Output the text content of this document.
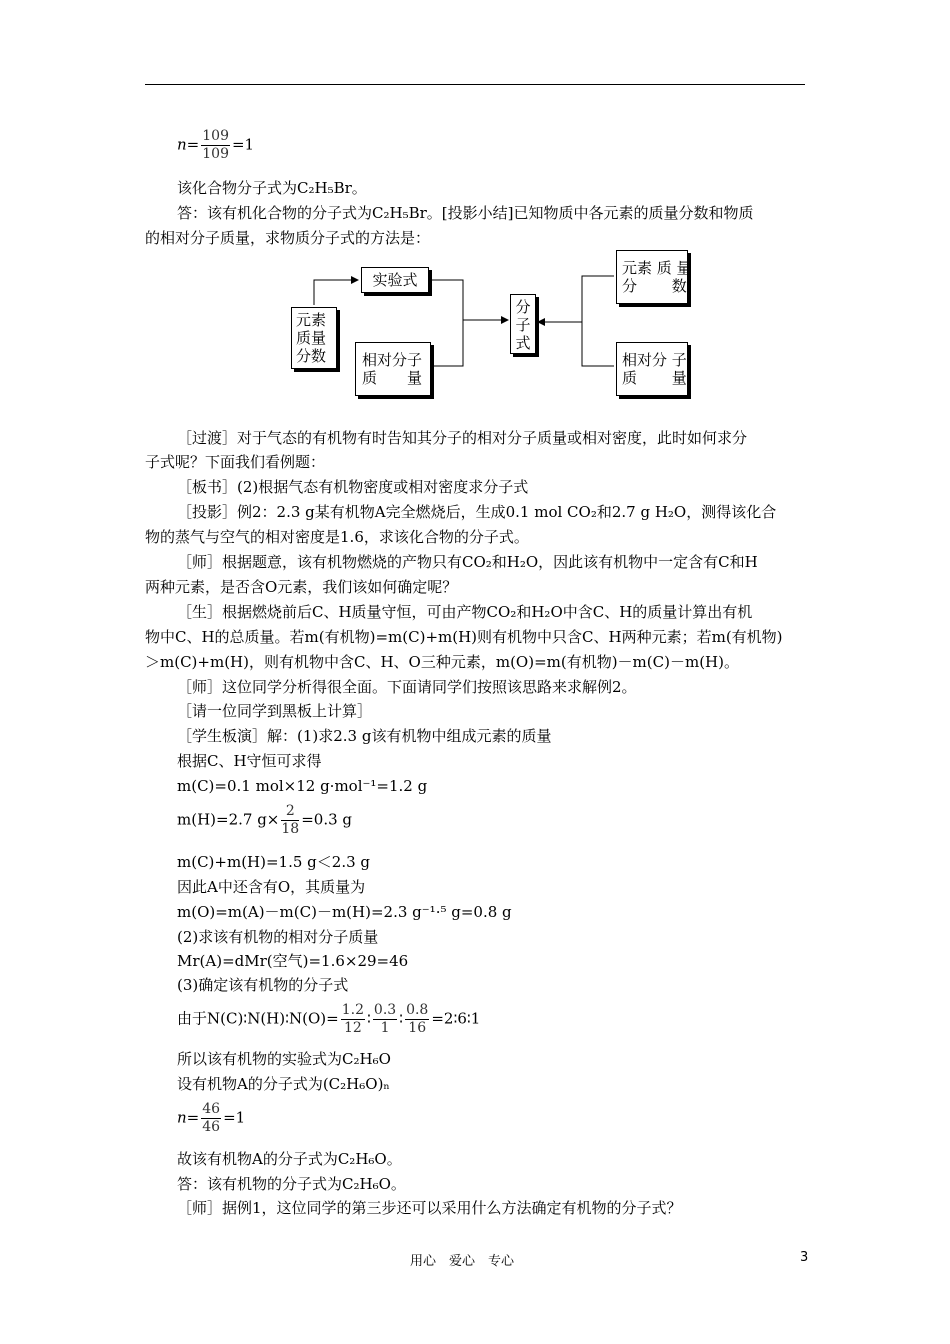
$n= \frac{109}{109} =1$
该化合物分子式为C₂H₅Br。
答：该有机化合物的分子式为C₂H₅Br。[投影小结]已知物质中各元素的质量分数和物质
的相对分子质量，求物质分子式的方法是：
实验式
元素
质量
分数	相对分子
质　　量
分
子
式
元素 质 量
分　　 数
相对分 子
质　　 量
［过渡］对于气态的有机物有时告知其分子的相对分子质量或相对密度，此时如何求分
子式呢？下面我们看例题：
［板书］(2)根据气态有机物密度或相对密度求分子式
［投影］例2：2.3 g某有机物A完全燃烧后，生成0.1 mol CO₂和2.7 g H₂O，测得该化合
物的蒸气与空气的相对密度是1.6，求该化合物的分子式。
［师］根据题意，该有机物燃烧的产物只有CO₂和H₂O，因此该有机物中一定含有C和H
两种元素，是否含O元素，我们该如何确定呢？
［生］根据燃烧前后C、H质量守恒，可由产物CO₂和H₂O中含C、H的质量计算出有机
物中C、H的总质量。若m(有机物)=m(C)+m(H)则有机物中只含C、H两种元素；若m(有机物)
＞m(C)+m(H)，则有机物中含C、H、O三种元素，m(O)=m(有机物)－m(C)－m(H)。
［师］这位同学分析得很全面。下面请同学们按照该思路来求解例2。
［请一位同学到黑板上计算］
［学生板演］解：(1)求2.3 g该有机物中组成元素的质量
根据C、H守恒可求得
m(C)=0.1 mol×12 g·mol⁻¹=1.2 g
m(H)=2.7 $g\times \frac{2}{18} =0.3$ g
m(C)+m(H)=1.5 g＜2.3 g
因此A中还含有O，其质量为
m(O)=m(A)－m(C)－m(H)=2.3 g⁻¹·⁵ g=0.8 g
(2)求该有机物的相对分子质量
Mr(A)=dMr(空气)=1.6×29=46
(3)确定该有机物的分子式
由于N(C)∶N(H)∶N(O)= $\frac{1.2}{12}$ ∶ $\frac{0.3}{1}$ ∶ $\frac{0.8}{16}$ =2∶6∶1
所以该有机物的实验式为C₂H₆O
设有机物A的分子式为(C₂H₆O)ₙ
$n= \frac{46}{46} =1$
故该有机物A的分子式为C₂H₆O。
答：该有机物的分子式为C₂H₆O。
［师］据例1，这位同学的第三步还可以采用什么方法确定有机物的分子式？
用心　爱心　专心	3
